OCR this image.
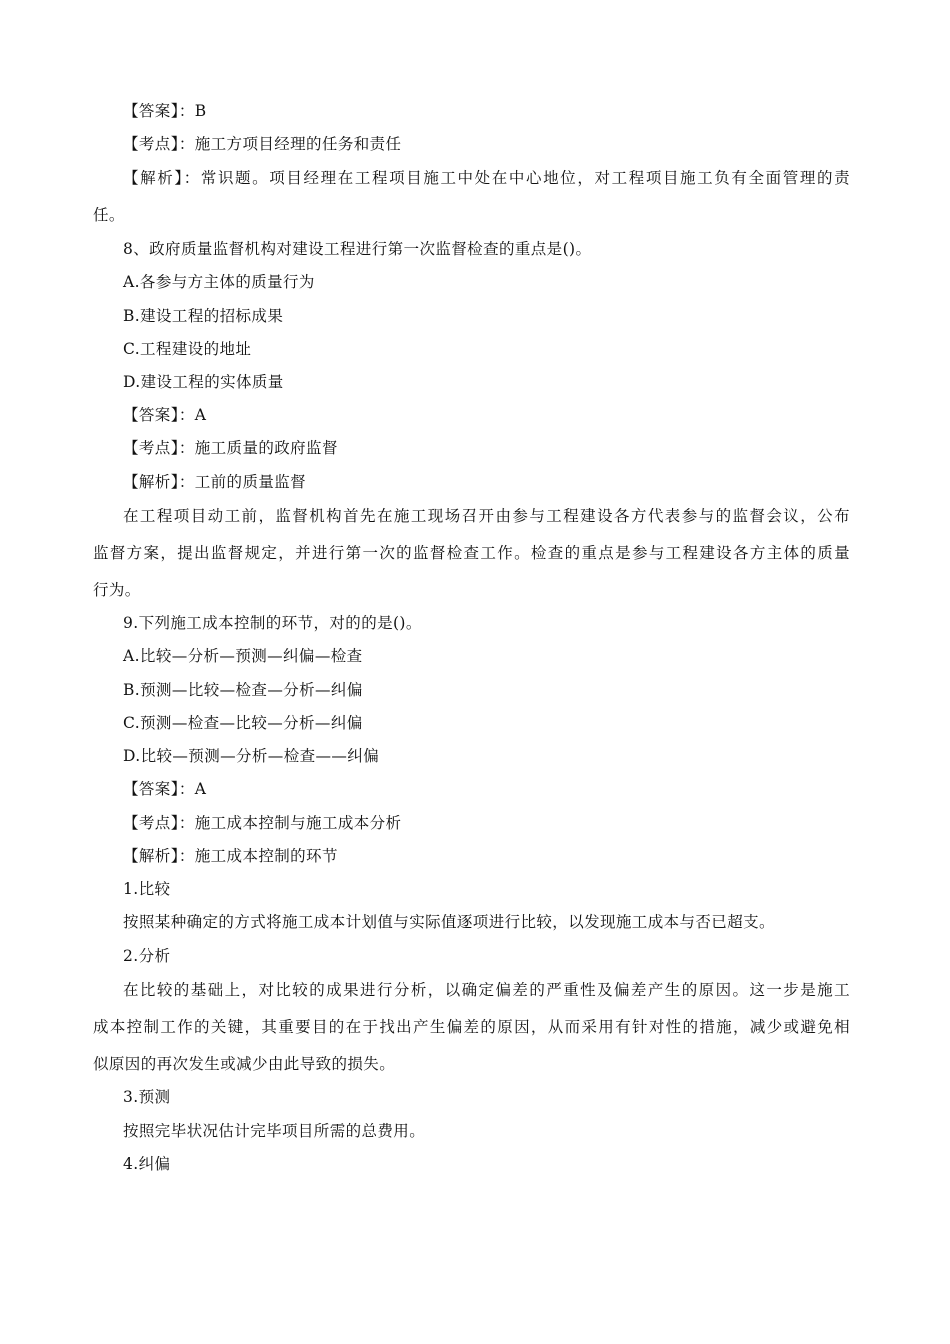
【答案】：B
【考点】：施工方项目经理的任务和责任
【解析】：常识题。项目经理在工程项目施工中处在中心地位，对工程项目施工负有全面管理的责
任。
8、政府质量监督机构对建设工程进行第一次监督检查的重点是()。
A.各参与方主体的质量行为
B.建设工程的招标成果
C.工程建设的地址
D.建设工程的实体质量
【答案】：A
【考点】：施工质量的政府监督
【解析】：工前的质量监督
在工程项目动工前，监督机构首先在施工现场召开由参与工程建设各方代表参与的监督会议，公布
监督方案，提出监督规定，并进行第一次的监督检查工作。检查的重点是参与工程建设各方主体的质量
行为。
9.下列施工成本控制的环节，对的的是()。
A.比较—分析—预测—纠偏—检查
B.预测—比较—检查—分析—纠偏
C.预测—检查—比较—分析—纠偏
D.比较—预测—分析—检查——纠偏
【答案】：A
【考点】：施工成本控制与施工成本分析
【解析】：施工成本控制的环节
1.比较
按照某种确定的方式将施工成本计划值与实际值逐项进行比较，以发现施工成本与否已超支。
2.分析
在比较的基础上，对比较的成果进行分析，以确定偏差的严重性及偏差产生的原因。这一步是施工
成本控制工作的关键，其重要目的在于找出产生偏差的原因，从而采用有针对性的措施，减少或避免相
似原因的再次发生或减少由此导致的损失。
3.预测
按照完毕状况估计完毕项目所需的总费用。
4.纠偏
